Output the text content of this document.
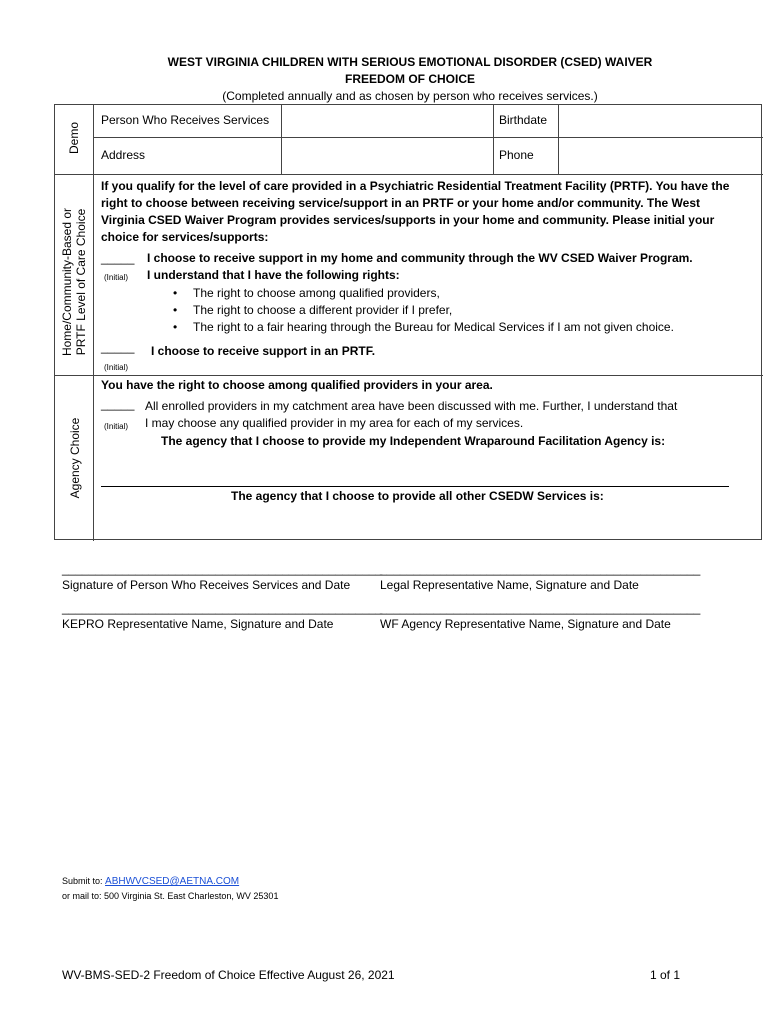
WEST VIRGINIA CHILDREN WITH SERIOUS EMOTIONAL DISORDER (CSED) WAIVER
FREEDOM OF CHOICE
(Completed annually and as chosen by person who receives services.)
Demo
Home/Community-Based or PRTF Level of Care Choice
Agency Choice
Person Who Receives Services	Birthdate
Address	Phone
If you qualify for the level of care provided in a Psychiatric Residential Treatment Facility (PRTF). You have the right to choose between receiving service/support in an PRTF or your home and/or community. The West Virginia CSED Waiver Program provides services/supports in your home and community. Please initial your choice for services/supports:
_____ I choose to receive support in my home and community through the WV CSED Waiver Program.
(Initial) I understand that I have the following rights:
• The right to choose among qualified providers,
• The right to choose a different provider if I prefer,
• The right to a fair hearing through the Bureau for Medical Services if I am not given choice.
_____ I choose to receive support in an PRTF.
(Initial)
You have the right to choose among qualified providers in your area.
_____ All enrolled providers in my catchment area have been discussed with me. Further, I understand that
(Initial) I may choose any qualified provider in my area for each of my services.
The agency that I choose to provide my Independent Wraparound Facilitation Agency is:
The agency that I choose to provide all other CSEDW Services is:
________________________________________________
Signature of Person Who Receives Services and Date
________________________________________________
Legal Representative Name, Signature and Date
________________________________________________
KEPRO Representative Name, Signature and Date
________________________________________________
WF Agency Representative Name, Signature and Date
Submit to: ABHWVCSED@AETNA.COM
or mail to: 500 Virginia St. East Charleston, WV 25301
WV-BMS-SED-2 Freedom of Choice Effective August 26, 2021	1 of 1
